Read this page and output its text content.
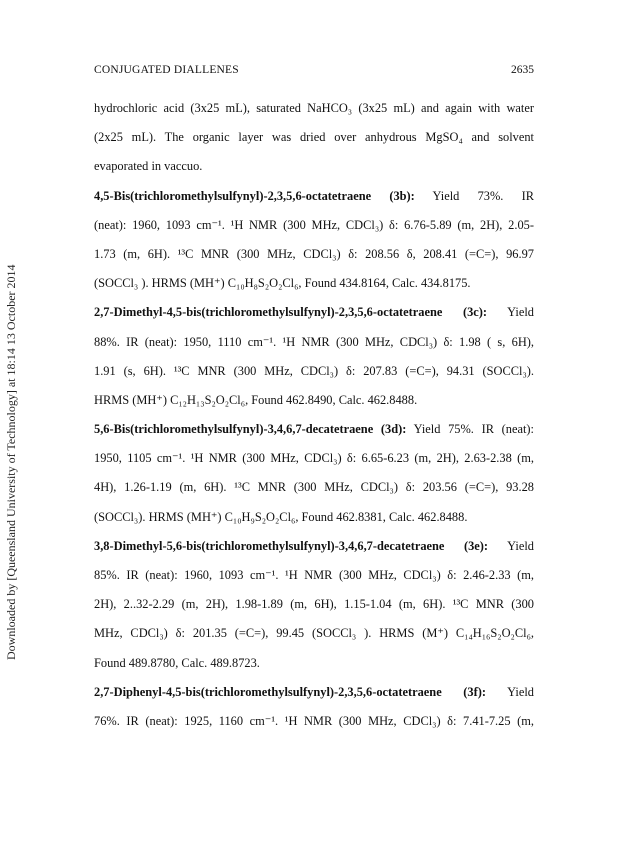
CONJUGATED DIALLENES	2635
Downloaded by [Queensland University of Technology] at 18:14 13 October 2014
hydrochloric acid (3x25 mL), saturated NaHCO₃ (3x25 mL) and again with water
(2x25 mL). The organic layer was dried over anhydrous MgSO₄ and solvent
evaporated in vaccuo.
4,5-Bis(trichloromethylsulfynyl)-2,3,5,6-octatetraene (3b): Yield 73%. IR
(neat): 1960, 1093 cm⁻¹. ¹H NMR (300 MHz, CDCl₃) δ: 6.76-5.89 (m, 2H), 2.05-
1.73 (m, 6H). ¹³C MNR (300 MHz, CDCl₃) δ: 208.56 δ, 208.41 (=C=), 96.97
(SOCCl₃ ). HRMS (MH⁺) C₁₀H₈S₂O₂Cl₆, Found 434.8164, Calc. 434.8175.
2,7-Dimethyl-4,5-bis(trichloromethylsulfynyl)-2,3,5,6-octatetraene (3c): Yield
88%. IR (neat): 1950, 1110 cm⁻¹. ¹H NMR (300 MHz, CDCl₃) δ: 1.98 ( s, 6H),
1.91 (s, 6H). ¹³C MNR (300 MHz, CDCl₃) δ: 207.83 (=C=), 94.31 (SOCCl₃).
HRMS (MH⁺) C₁₂H₁₃S₂O₂Cl₆, Found 462.8490, Calc. 462.8488.
5,6-Bis(trichloromethylsulfynyl)-3,4,6,7-decatetraene (3d): Yield 75%. IR (neat):
1950, 1105 cm⁻¹. ¹H NMR (300 MHz, CDCl₃) δ: 6.65-6.23 (m, 2H), 2.63-2.38 (m,
4H), 1.26-1.19 (m, 6H). ¹³C MNR (300 MHz, CDCl₃) δ: 203.56 (=C=), 93.28
(SOCCl₃). HRMS (MH⁺) C₁₀H₉S₂O₂Cl₆, Found 462.8381, Calc. 462.8488.
3,8-Dimethyl-5,6-bis(trichloromethylsulfynyl)-3,4,6,7-decatetraene (3e): Yield
85%. IR (neat): 1960, 1093 cm⁻¹. ¹H NMR (300 MHz, CDCl₃) δ: 2.46-2.33 (m,
2H), 2..32-2.29 (m, 2H), 1.98-1.89 (m, 6H), 1.15-1.04 (m, 6H). ¹³C MNR (300
MHz, CDCl₃) δ: 201.35 (=C=), 99.45 (SOCCl₃ ). HRMS (M⁺) C₁₄H₁₆S₂O₂Cl₆,
Found 489.8780, Calc. 489.8723.
2,7-Diphenyl-4,5-bis(trichloromethylsulfynyl)-2,3,5,6-octatetraene (3f): Yield
76%. IR (neat): 1925, 1160 cm⁻¹. ¹H NMR (300 MHz, CDCl₃) δ: 7.41-7.25 (m,
